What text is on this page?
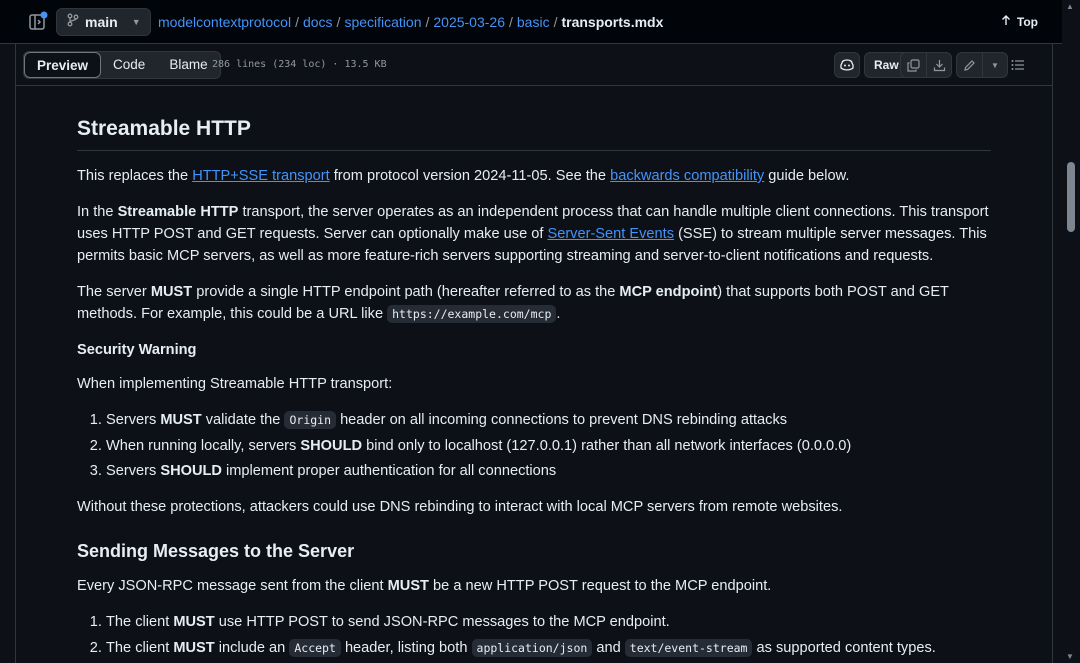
main ▼ modelcontextprotocol / docs / specification / 2025-03-26 / basic / transports.mdx	Top
Preview	Code	Blame 286 lines (234 loc) · 13.5 KB	Raw	▼
▲
▼
Streamable HTTP

This replaces the HTTP+SSE transport from protocol version 2024-11-05. See the backwards compatibility guide below.

In the Streamable HTTP transport, the server operates as an independent process that can handle multiple client connections. This transport uses HTTP POST and GET requests. Server can optionally make use of Server-Sent Events (SSE) to stream multiple server messages. This permits basic MCP servers, as well as more feature-rich servers supporting streaming and server-to-client notifications and requests.

The server MUST provide a single HTTP endpoint path (hereafter referred to as the MCP endpoint) that supports both POST and GET methods. For example, this could be a URL like https://example.com/mcp .

Security Warning

When implementing Streamable HTTP transport:

1. Servers MUST validate the Origin header on all incoming connections to prevent DNS rebinding attacks
2. When running locally, servers SHOULD bind only to localhost (127.0.0.1) rather than all network interfaces (0.0.0.0)
3. Servers SHOULD implement proper authentication for all connections

Without these protections, attackers could use DNS rebinding to interact with local MCP servers from remote websites.

Sending Messages to the Server

Every JSON-RPC message sent from the client MUST be a new HTTP POST request to the MCP endpoint.

1. The client MUST use HTTP POST to send JSON-RPC messages to the MCP endpoint.
2. The client MUST include an Accept header, listing both application/json and text/event-stream as supported content types.
